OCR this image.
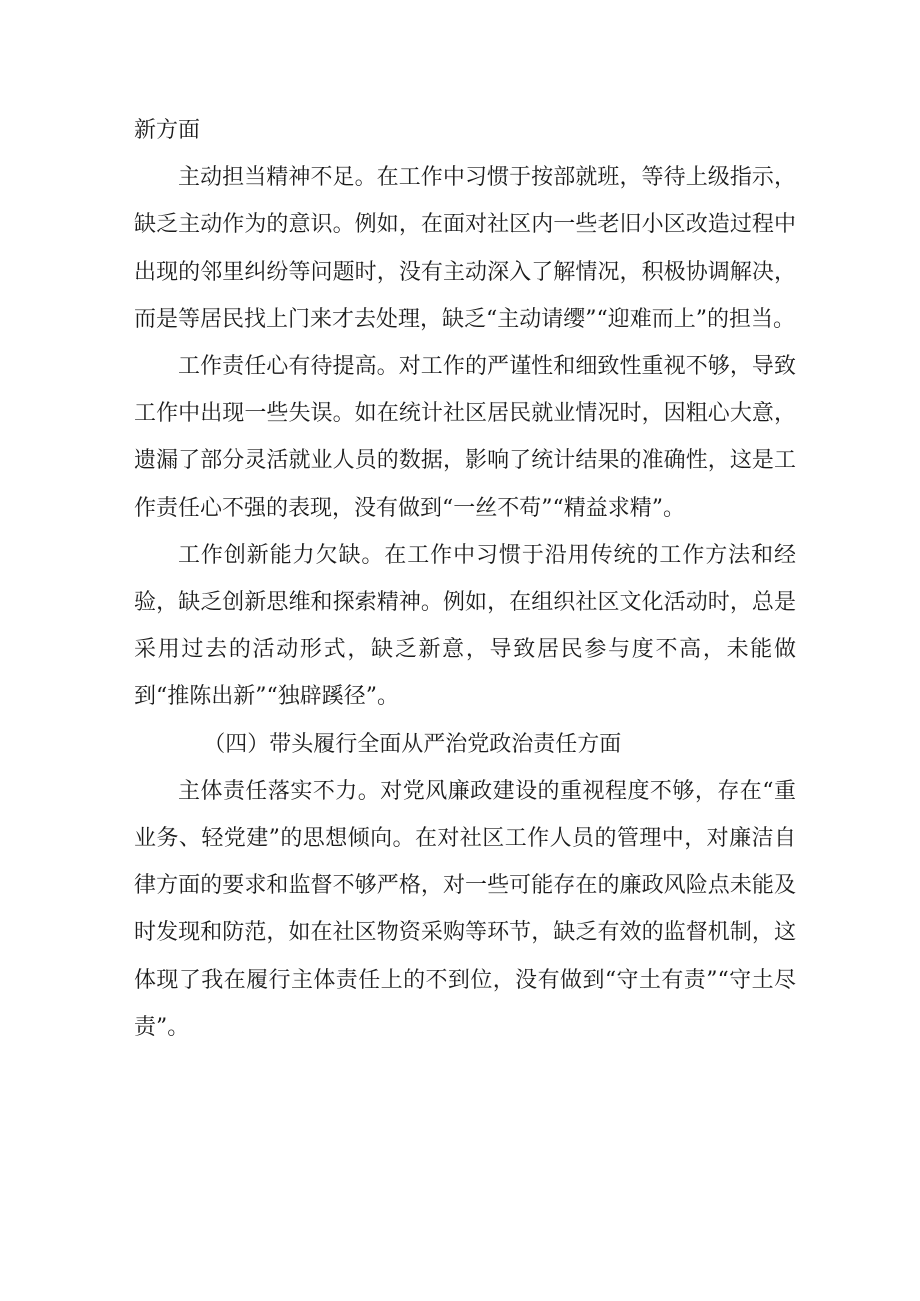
新方面

主动担当精神不足。在工作中习惯于按部就班，等待上级指示，缺乏主动作为的意识。例如，在面对社区内一些老旧小区改造过程中出现的邻里纠纷等问题时，没有主动深入了解情况，积极协调解决，而是等居民找上门来才去处理，缺乏“主动请缨”“迎难而上”的担当。

工作责任心有待提高。对工作的严谨性和细致性重视不够，导致工作中出现一些失误。如在统计社区居民就业情况时，因粗心大意，遗漏了部分灵活就业人员的数据，影响了统计结果的准确性，这是工作责任心不强的表现，没有做到“一丝不苟”“精益求精”。

工作创新能力欠缺。在工作中习惯于沿用传统的工作方法和经验，缺乏创新思维和探索精神。例如，在组织社区文化活动时，总是采用过去的活动形式，缺乏新意，导致居民参与度不高，未能做到“推陈出新”“独辟蹊径”。

（四）带头履行全面从严治党政治责任方面

主体责任落实不力。对党风廉政建设的重视程度不够，存在“重业务、轻党建”的思想倾向。在对社区工作人员的管理中，对廉洁自律方面的要求和监督不够严格，对一些可能存在的廉政风险点未能及时发现和防范，如在社区物资采购等环节，缺乏有效的监督机制，这体现了我在履行主体责任上的不到位，没有做到“守土有责”“守土尽责”。
